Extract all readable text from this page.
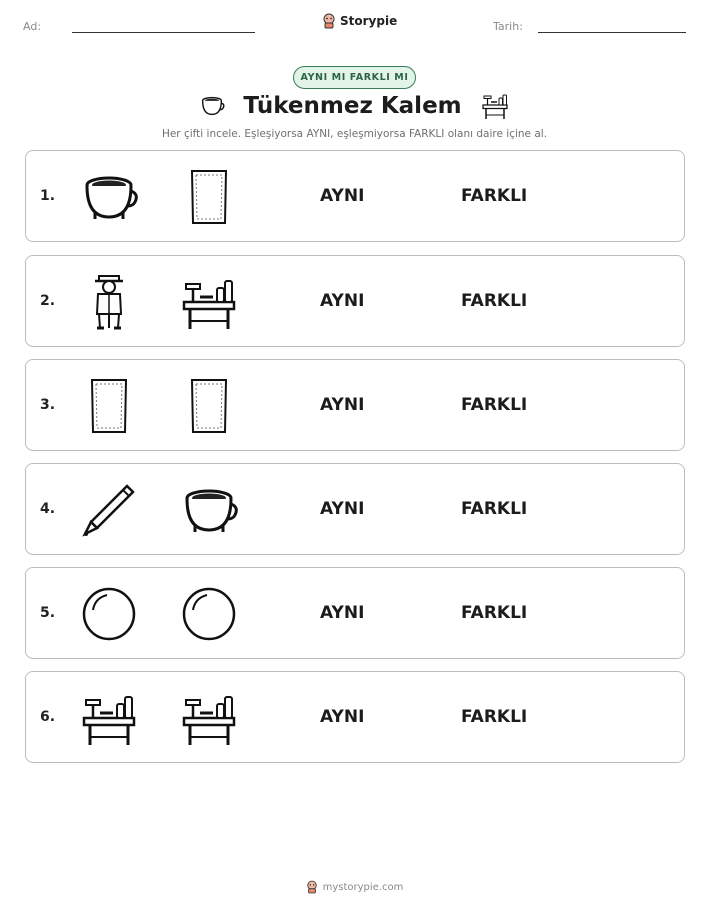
Ad:	Storypie	Tarih:
AYNI MI FARKLI MI
Tükenmez Kalem
Her çifti incele. Eşleşiyorsa AYNI, eşleşmiyorsa FARKLI olanı daire içine al.
1.	AYNI	FARKLI
2.	AYNI	FARKLI
3.	AYNI	FARKLI
4.	AYNI	FARKLI
5.	AYNI	FARKLI
6.	AYNI	FARKLI
mystorypie.com
